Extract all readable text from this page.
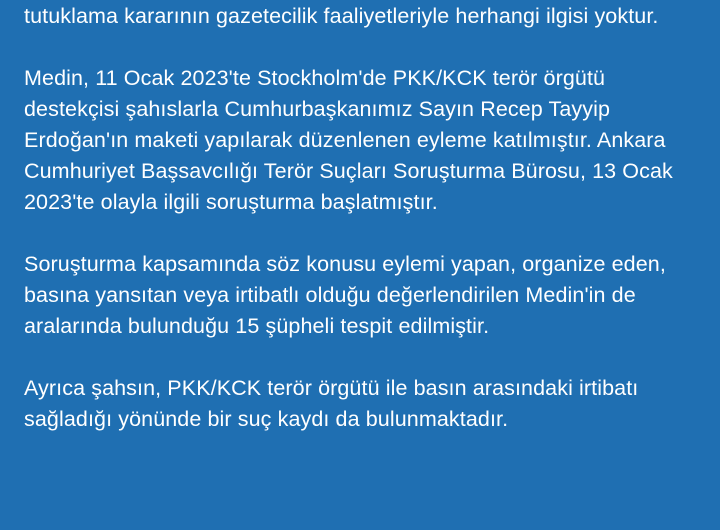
tutuklama kararının gazetecilik faaliyetleriyle herhangi ilgisi yoktur.

Medin, 11 Ocak 2023'te Stockholm'de PKK/KCK terör örgütü destekçisi şahıslarla Cumhurbaşkanımız Sayın Recep Tayyip Erdoğan'ın maketi yapılarak düzenlenen eyleme katılmıştır. Ankara Cumhuriyet Başsavcılığı Terör Suçları Soruşturma Bürosu, 13 Ocak 2023'te olayla ilgili soruşturma başlatmıştır.

Soruşturma kapsamında söz konusu eylemi yapan, organize eden, basına yansıtan veya irtibatlı olduğu değerlendirilen Medin'in de aralarında bulunduğu 15 şüpheli tespit edilmiştir.

Ayrıca şahsın, PKK/KCK terör örgütü ile basın arasındaki irtibatı sağladığı yönünde bir suç kaydı da bulunmaktadır.
